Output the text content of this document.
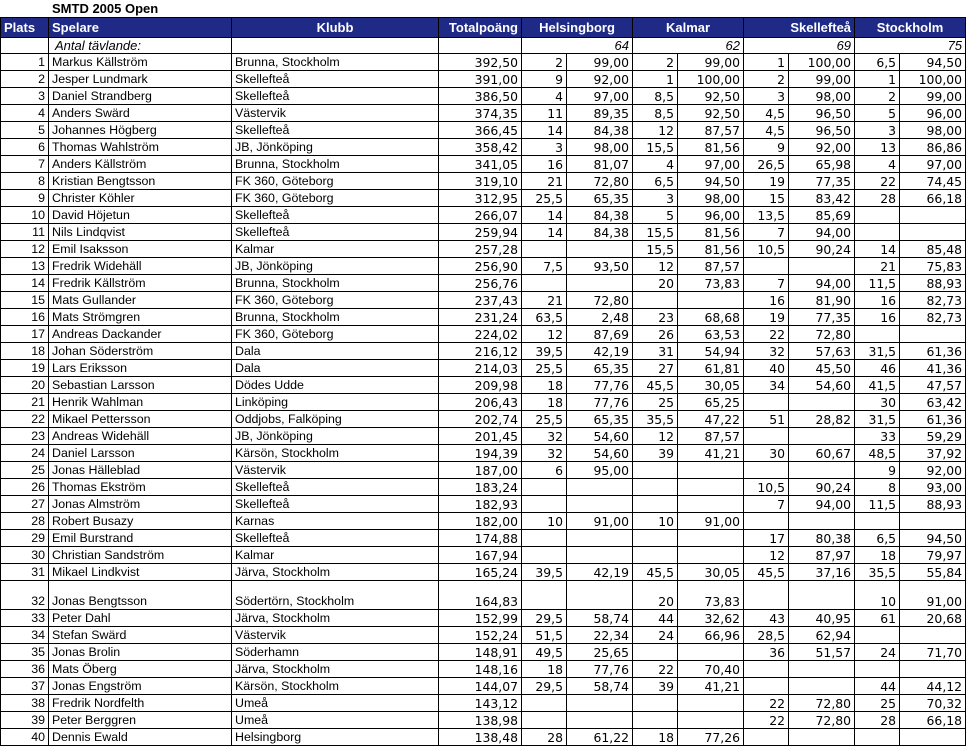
SMTD 2005 Open
Plats	Spelare	Klubb	Totalpoäng	Helsingborg		Kalmar		Skellefteå		Stockholm	
	Antal tävlande:			64		62		69		75	
1	Markus Källström	Brunna, Stockholm	392,50	2	99,00	2	99,00	1	100,00	6,5	94,50
2	Jesper Lundmark	Skellefteå	391,00	9	92,00	1	100,00	2	99,00	1	100,00
3	Daniel Strandberg	Skellefteå	386,50	4	97,00	8,5	92,50	3	98,00	2	99,00
4	Anders Swärd	Västervik	374,35	11	89,35	8,5	92,50	4,5	96,50	5	96,00
5	Johannes Högberg	Skellefteå	366,45	14	84,38	12	87,57	4,5	96,50	3	98,00
6	Thomas Wahlström	JB, Jönköping	358,42	3	98,00	15,5	81,56	9	92,00	13	86,86
7	Anders Källström	Brunna, Stockholm	341,05	16	81,07	4	97,00	26,5	65,98	4	97,00
8	Kristian Bengtsson	FK 360, Göteborg	319,10	21	72,80	6,5	94,50	19	77,35	22	74,45
9	Christer Köhler	FK 360, Göteborg	312,95	25,5	65,35	3	98,00	15	83,42	28	66,18
10	David Höjetun	Skellefteå	266,07	14	84,38	5	96,00	13,5	85,69		
11	Nils Lindqvist	Skellefteå	259,94	14	84,38	15,5	81,56	7	94,00		
12	Emil Isaksson	Kalmar	257,28			15,5	81,56	10,5	90,24	14	85,48
13	Fredrik Widehäll	JB, Jönköping	256,90	7,5	93,50	12	87,57			21	75,83
14	Fredrik Källström	Brunna, Stockholm	256,76			20	73,83	7	94,00	11,5	88,93
15	Mats Gullander	FK 360, Göteborg	237,43	21	72,80			16	81,90	16	82,73
16	Mats Strömgren	Brunna, Stockholm	231,24	63,5	2,48	23	68,68	19	77,35	16	82,73
17	Andreas Dackander	FK 360, Göteborg	224,02	12	87,69	26	63,53	22	72,80		
18	Johan Söderström	Dala	216,12	39,5	42,19	31	54,94	32	57,63	31,5	61,36
19	Lars Eriksson	Dala	214,03	25,5	65,35	27	61,81	40	45,50	46	41,36
20	Sebastian Larsson	Dödes Udde	209,98	18	77,76	45,5	30,05	34	54,60	41,5	47,57
21	Henrik Wahlman	Linköping	206,43	18	77,76	25	65,25			30	63,42
22	Mikael Pettersson	Oddjobs, Falköping	202,74	25,5	65,35	35,5	47,22	51	28,82	31,5	61,36
23	Andreas Widehäll	JB, Jönköping	201,45	32	54,60	12	87,57			33	59,29
24	Daniel Larsson	Kärsön, Stockholm	194,39	32	54,60	39	41,21	30	60,67	48,5	37,92
25	Jonas Hälleblad	Västervik	187,00	6	95,00					9	92,00
26	Thomas Ekström	Skellefteå	183,24					10,5	90,24	8	93,00
27	Jonas Almström	Skellefteå	182,93					7	94,00	11,5	88,93
28	Robert Busazy	Karnas	182,00	10	91,00	10	91,00				
29	Emil Burstrand	Skellefteå	174,88					17	80,38	6,5	94,50
30	Christian Sandström	Kalmar	167,94					12	87,97	18	79,97
31	Mikael Lindkvist	Järva, Stockholm	165,24	39,5	42,19	45,5	30,05	45,5	37,16	35,5	55,84
32	Jonas Bengtsson	Södertörn, Stockholm	164,83			20	73,83			10	91,00
33	Peter Dahl	Järva, Stockholm	152,99	29,5	58,74	44	32,62	43	40,95	61	20,68
34	Stefan Swärd	Västervik	152,24	51,5	22,34	24	66,96	28,5	62,94		
35	Jonas Brolin	Söderhamn	148,91	49,5	25,65			36	51,57	24	71,70
36	Mats Öberg	Järva, Stockholm	148,16	18	77,76	22	70,40				
37	Jonas Engström	Kärsön, Stockholm	144,07	29,5	58,74	39	41,21			44	44,12
38	Fredrik Nordfelth	Umeå	143,12					22	72,80	25	70,32
39	Peter Berggren	Umeå	138,98					22	72,80	28	66,18
40	Dennis Ewald	Helsingborg	138,48	28	61,22	18	77,26				
